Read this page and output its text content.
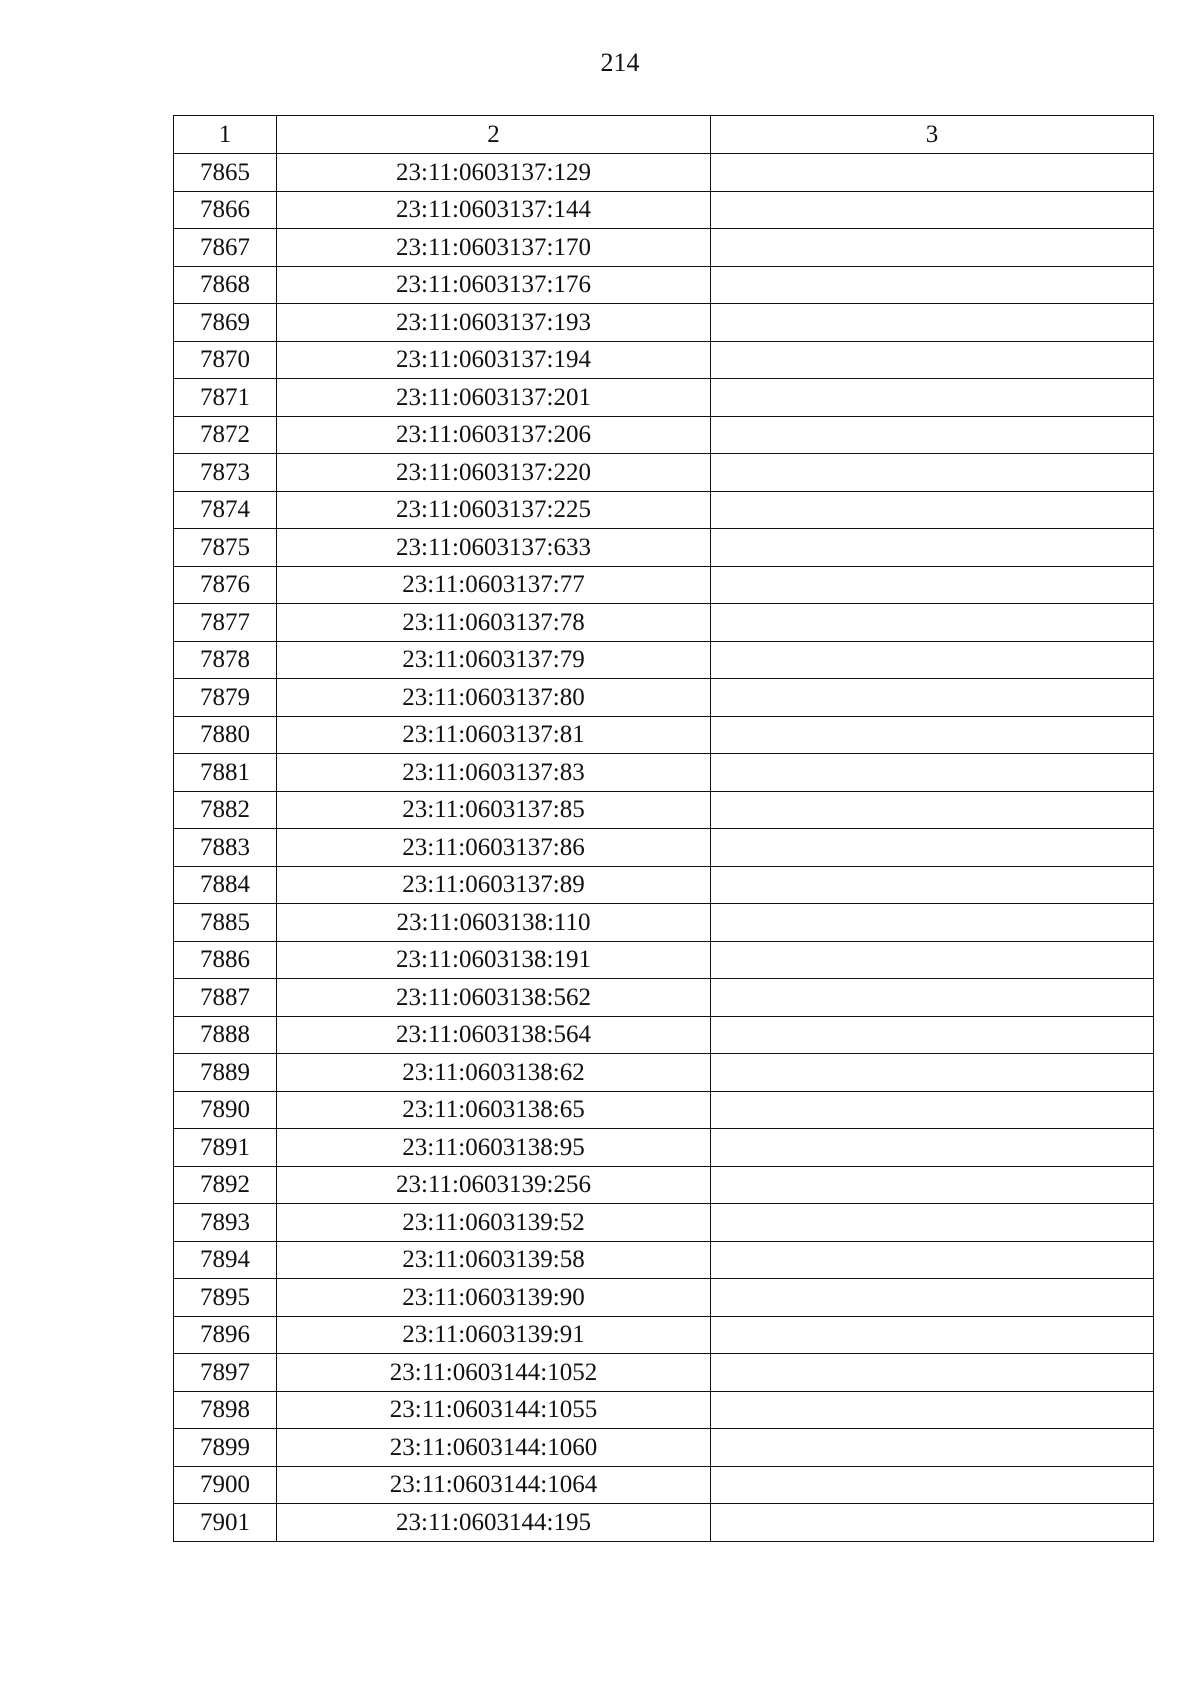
214
1	2	3
7865	23:11:0603137:129	
7866	23:11:0603137:144	
7867	23:11:0603137:170	
7868	23:11:0603137:176	
7869	23:11:0603137:193	
7870	23:11:0603137:194	
7871	23:11:0603137:201	
7872	23:11:0603137:206	
7873	23:11:0603137:220	
7874	23:11:0603137:225	
7875	23:11:0603137:633	
7876	23:11:0603137:77	
7877	23:11:0603137:78	
7878	23:11:0603137:79	
7879	23:11:0603137:80	
7880	23:11:0603137:81	
7881	23:11:0603137:83	
7882	23:11:0603137:85	
7883	23:11:0603137:86	
7884	23:11:0603137:89	
7885	23:11:0603138:110	
7886	23:11:0603138:191	
7887	23:11:0603138:562	
7888	23:11:0603138:564	
7889	23:11:0603138:62	
7890	23:11:0603138:65	
7891	23:11:0603138:95	
7892	23:11:0603139:256	
7893	23:11:0603139:52	
7894	23:11:0603139:58	
7895	23:11:0603139:90	
7896	23:11:0603139:91	
7897	23:11:0603144:1052	
7898	23:11:0603144:1055	
7899	23:11:0603144:1060	
7900	23:11:0603144:1064	
7901	23:11:0603144:195	
